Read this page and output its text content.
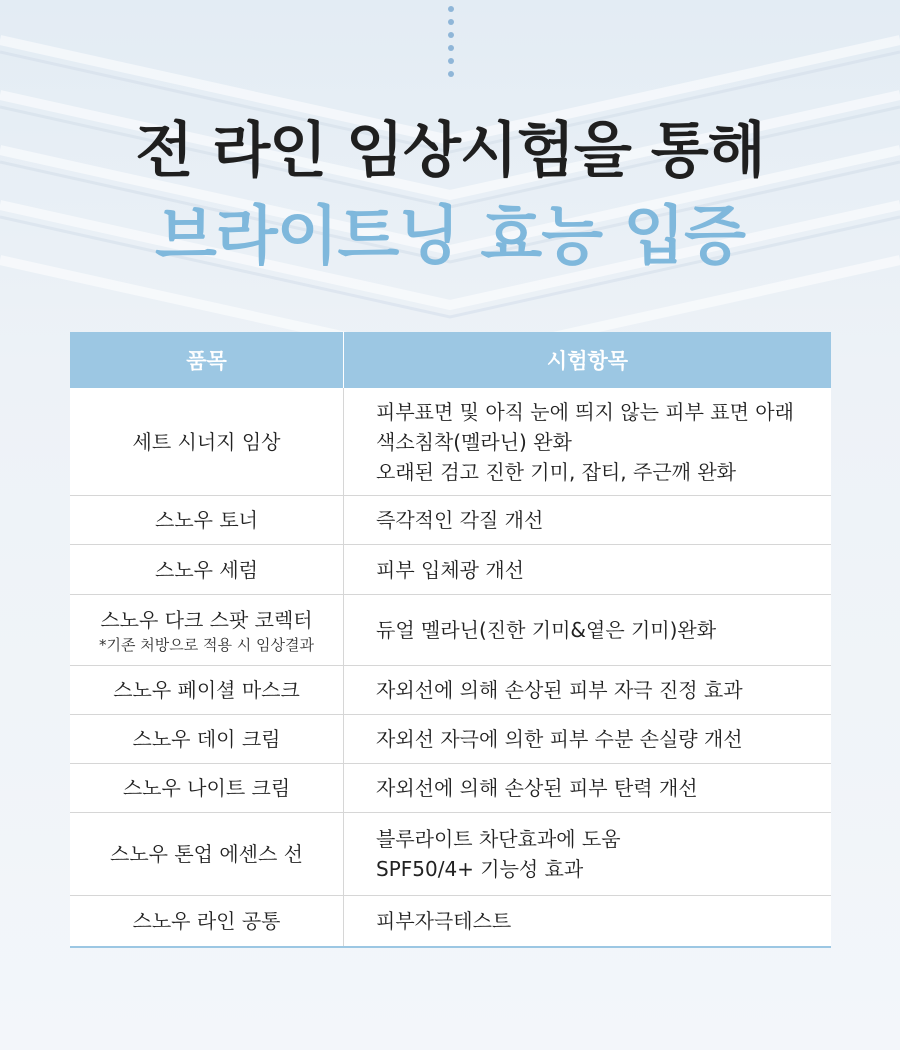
전 라인 임상시험을 통해
브라이트닝 효능 입증
품목	시험항목
세트 시너지 임상	피부표면 및 아직 눈에 띄지 않는 피부 표면 아래
색소침착(멜라닌) 완화
오래된 검고 진한 기미, 잡티, 주근깨 완화

스노우 토너	즉각적인 각질 개선

스노우 세럼	피부 입체광 개선

스노우 다크 스팟 코렉터
*기존 처방으로 적용 시 임상결과	듀얼 멜라닌(진한 기미&옅은 기미)완화

스노우 페이셜 마스크	자외선에 의해 손상된 피부 자극 진정 효과

스노우 데이 크림	자외선 자극에 의한 피부 수분 손실량 개선

스노우 나이트 크림	자외선에 의해 손상된 피부 탄력 개선

스노우 톤업 에센스 선	블루라이트 차단효과에 도움
SPF50/4+ 기능성 효과

스노우 라인 공통	피부자극테스트
